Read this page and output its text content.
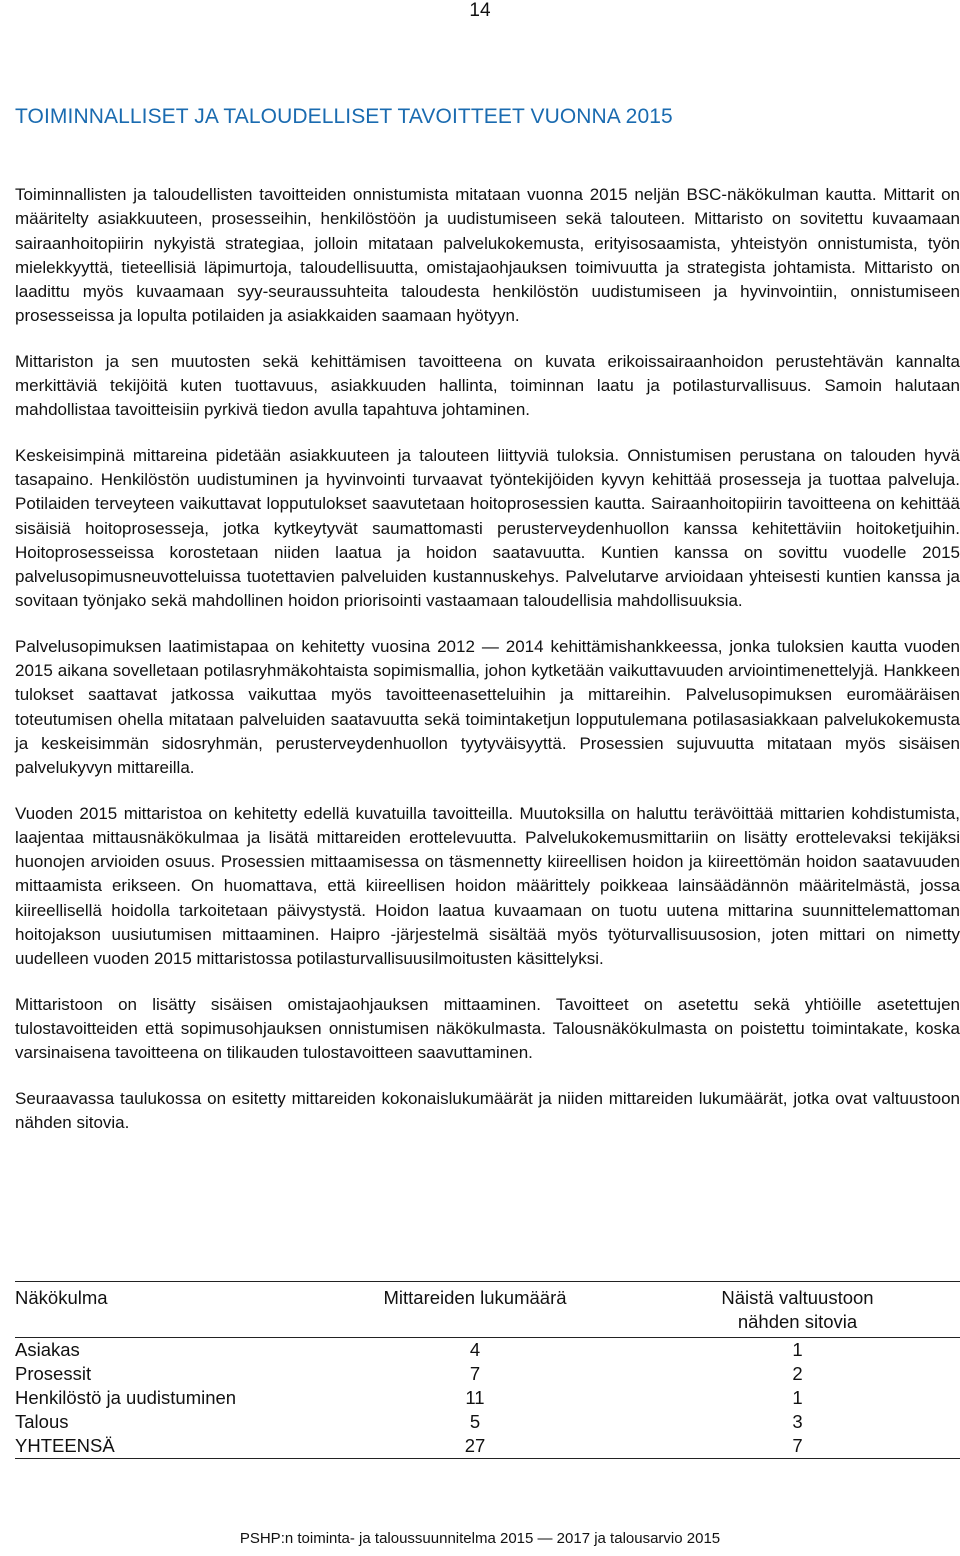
14
TOIMINNALLISET JA TALOUDELLISET TAVOITTEET VUONNA 2015

Toiminnallisten ja taloudellisten tavoitteiden onnistumista mitataan vuonna 2015 neljän BSC-näkökulman kautta. Mittarit on määritelty asiakkuuteen, prosesseihin, henkilöstöön ja uudistumiseen sekä talouteen. Mittaristo on sovitettu kuvaamaan sairaanhoitopiirin nykyistä strategiaa, jolloin mitataan palvelukokemusta, erityisosaamista, yhteistyön onnistumista, työn mielekkyyttä, tieteellisiä läpimurtoja, taloudellisuutta, omistajaohjauksen toimivuutta ja strategista johtamista. Mittaristo on laadittu myös kuvaamaan syy-seuraussuhteita taloudesta henkilöstön uudistumiseen ja hyvinvointiin, onnistumiseen prosesseissa ja lopulta potilaiden ja asiakkaiden saamaan hyötyyn.

Mittariston ja sen muutosten sekä kehittämisen tavoitteena on kuvata erikoissairaanhoidon perustehtävän kannalta merkittäviä tekijöitä kuten tuottavuus, asiakkuuden hallinta, toiminnan laatu ja potilasturvallisuus. Samoin halutaan mahdollistaa tavoitteisiin pyrkivä tiedon avulla tapahtuva johtaminen.

Keskeisimpinä mittareina pidetään asiakkuuteen ja talouteen liittyviä tuloksia. Onnistumisen perustana on talouden hyvä tasapaino. Henkilöstön uudistuminen ja hyvinvointi turvaavat työntekijöiden kyvyn kehittää prosesseja ja tuottaa palveluja. Potilaiden terveyteen vaikuttavat lopputulokset saavutetaan hoitoprosessien kautta. Sairaanhoitopiirin tavoitteena on kehittää sisäisiä hoitoprosesseja, jotka kytkeytyvät saumattomasti perusterveydenhuollon kanssa kehitettäviin hoitoketjuihin. Hoitoprosesseissa korostetaan niiden laatua ja hoidon saatavuutta. Kuntien kanssa on sovittu vuodelle 2015 palvelusopimusneuvotteluissa tuotettavien palveluiden kustannuskehys. Palvelutarve arvioidaan yhteisesti kuntien kanssa ja sovitaan työnjako sekä mahdollinen hoidon priorisointi vastaamaan taloudellisia mahdollisuuksia.

Palvelusopimuksen laatimistapaa on kehitetty vuosina 2012 — 2014 kehittämishankkeessa, jonka tuloksien kautta vuoden 2015 aikana sovelletaan potilasryhmäkohtaista sopimismallia, johon kytketään vaikuttavuuden arviointimenettelyjä. Hankkeen tulokset saattavat jatkossa vaikuttaa myös tavoitteenasetteluihin ja mittareihin. Palvelusopimuksen euromääräisen toteutumisen ohella mitataan palveluiden saatavuutta sekä toimintaketjun lopputulemana potilasasiakkaan palvelukokemusta ja keskeisimmän sidosryhmän, perusterveydenhuollon tyytyväisyyttä. Prosessien sujuvuutta mitataan myös sisäisen palvelukyvyn mittareilla.

Vuoden 2015 mittaristoa on kehitetty edellä kuvatuilla tavoitteilla. Muutoksilla on haluttu terävöittää mittarien kohdistumista, laajentaa mittausnäkökulmaa ja lisätä mittareiden erottelevuutta. Palvelukokemusmittariin on lisätty erottelevaksi tekijäksi huonojen arvioiden osuus. Prosessien mittaamisessa on täsmennetty kiireellisen hoidon ja kiireettömän hoidon saatavuuden mittaamista erikseen. On huomattava, että kiireellisen hoidon määrittely poikkeaa lainsäädännön määritelmästä, jossa kiireellisellä hoidolla tarkoitetaan päivystystä. Hoidon laatua kuvaamaan on tuotu uutena mittarina suunnittelemattoman hoitojakson uusiutumisen mittaaminen. Haipro -järjestelmä sisältää myös työturvallisuusosion, joten mittari on nimetty uudelleen vuoden 2015 mittaristossa potilasturvallisuusilmoitusten käsittelyksi.

Mittaristoon on lisätty sisäisen omistajaohjauksen mittaaminen. Tavoitteet on asetettu sekä yhtiöille asetettujen tulostavoitteiden että sopimusohjauksen onnistumisen näkökulmasta. Talousnäkökulmasta on poistettu toimintakate, koska varsinaisena tavoitteena on tilikauden tulostavoitteen saavuttaminen.

Seuraavassa taulukossa on esitetty mittareiden kokonaislukumäärät ja niiden mittareiden lukumäärät, jotka ovat valtuustoon nähden sitovia.

Näkökulma	Mittareiden lukumäärä	Näistä valtuustoon nähden sitovia
Asiakas	4	1
Prosessit	7	2
Henkilöstö ja uudistuminen	11	1
Talous	5	3
YHTEENSÄ	27	7
PSHP:n toiminta- ja taloussuunnitelma 2015 — 2017 ja talousarvio 2015
